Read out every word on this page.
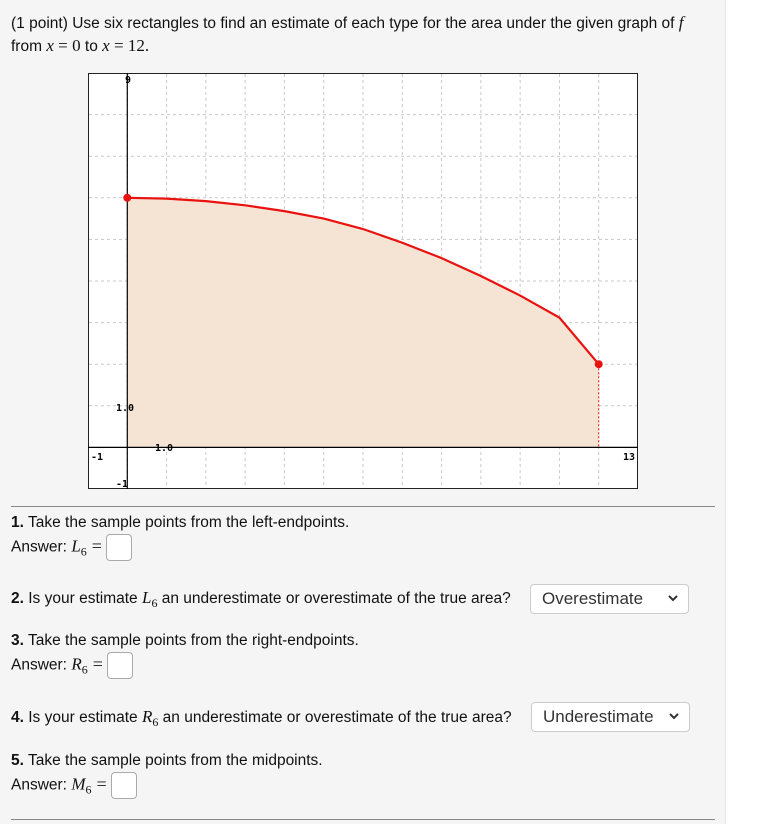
(1 point) Use six rectangles to find an estimate of each type for the area under the given graph of f
from x = 0 to x = 12.
9
1.0
1.0
-1
-1
13
1. Take the sample points from the left-endpoints.
Answer: $L_6$ =
2. Is your estimate $L_6$ an underestimate or overestimate of the true area?	Overestimate
3. Take the sample points from the right-endpoints.
Answer: $R_6$ =
4. Is your estimate $R_6$ an underestimate or overestimate of the true area?	Underestimate
5. Take the sample points from the midpoints.
Answer: $M_6$ =
